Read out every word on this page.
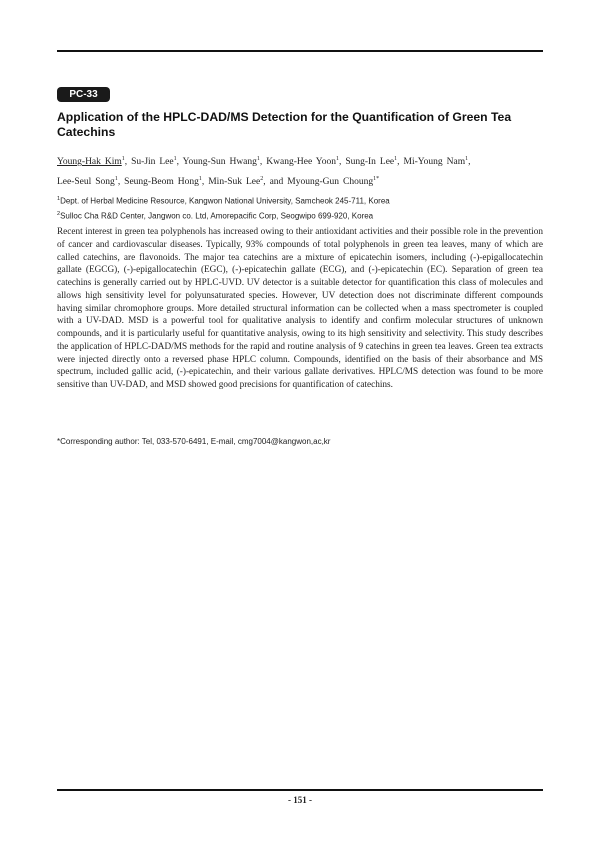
PC-33
Application of the HPLC-DAD/MS Detection for the Quantification of Green Tea Catechins

Young-Hak Kim$^1$, Su-Jin Lee$^1$, Young-Sun Hwang$^1$, Kwang-Hee Yoon$^1$, Sung-In Lee$^1$, Mi-Young Nam$^1$,
Lee-Seul Song$^1$, Seung-Beom Hong$^1$, Min-Suk Lee$^2$, and Myoung-Gun Choung$^{1*}$

$^1$Dept. of Herbal Medicine Resource, Kangwon National University, Samcheok 245-711, Korea
$^2$Sulloc Cha R&D Center, Jangwon co. Ltd, Amorepacific Corp, Seogwipo 699-920, Korea

Recent interest in green tea polyphenols has increased owing to their antioxidant activities and their possible role in the prevention of cancer and cardiovascular diseases. Typically, 93% compounds of total polyphenols in green tea leaves, many of which are called catechins, are flavonoids. The major tea catechins are a mixture of epicatechin isomers, including (-)-epigallocatechin gallate (EGCG), (-)-epigallocatechin (EGC), (-)-epicatechin gallate (ECG), and (-)-epicatechin (EC). Separation of green tea catechins is generally carried out by HPLC-UVD. UV detector is a suitable detector for quantification this class of molecules and allows high sensitivity level for polyunsaturated species. However, UV detection does not discriminate different compounds having similar chromophore groups. More detailed structural information can be collected when a mass spectrometer is coupled with a UV-DAD. MSD is a powerful tool for qualitative analysis to identify and confirm molecular structures of unknown compounds, and it is particularly useful for quantitative analysis, owing to its high sensitivity and selectivity. This study describes the application of HPLC-DAD/MS methods for the rapid and routine analysis of 9 catechins in green tea leaves. Green tea extracts were injected directly onto a reversed phase HPLC column. Compounds, identified on the basis of their absorbance and MS spectrum, included gallic acid, (-)-epicatechin, and their various gallate derivatives. HPLC/MS detection was found to be more sensitive than UV-DAD, and MSD showed good precisions for quantification of catechins.

*Corresponding author: Tel, 033-570-6491, E-mail, cmg7004@kangwon,ac,kr
- 151 -
